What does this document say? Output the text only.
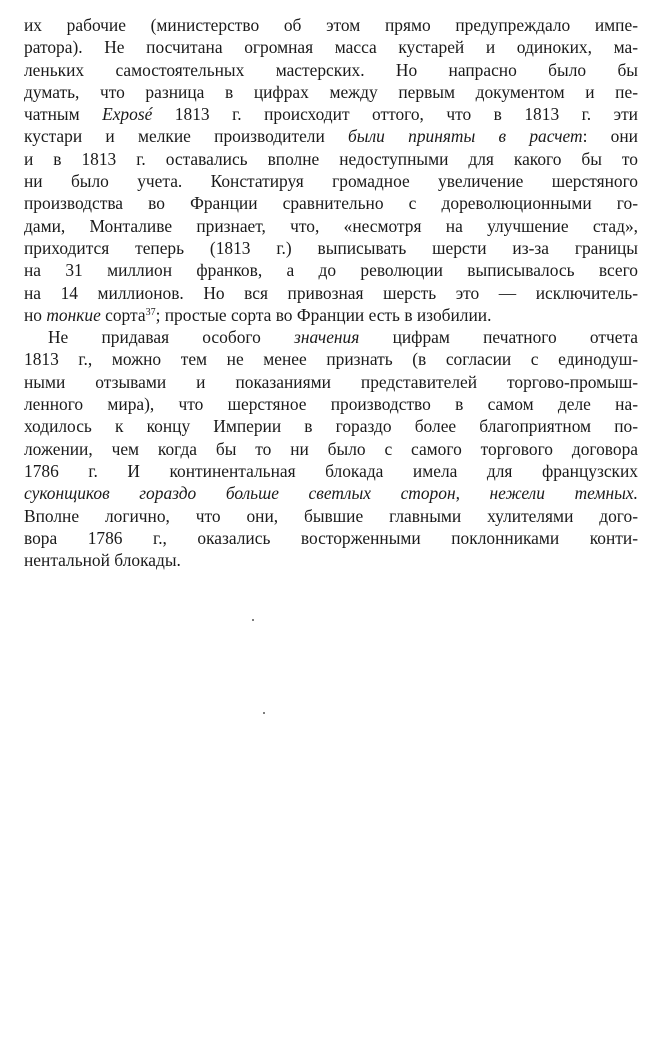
их рабочие (министерство об этом прямо предупреждало импе-
ратора). Не посчитана огромная масса кустарей и одиноких, ма-
леньких самостоятельных мастерских. Но напрасно было бы
думать, что разница в цифрах между первым документом и пе-
чатным Exposé 1813 г. происходит оттого, что в 1813 г. эти
кустари и мелкие производители были приняты в расчет: они
и в 1813 г. оставались вполне недоступными для какого бы то
ни было учета. Констатируя громадное увеличение шерстяного
производства во Франции сравнительно с дореволюционными го-
дами, Монталиве признает, что, «несмотря на улучшение стад»,
приходится теперь (1813 г.) выписывать шерсти из-за границы
на 31 миллион франков, а до революции выписывалось всего
на 14 миллионов. Но вся привозная шерсть это — исключитель-
но тонкие сорта$^{37}$; простые сорта во Франции есть в изобилии.
Не придавая особого значения цифрам печатного отчета
1813 г., можно тем не менее признать (в согласии с единодуш-
ными отзывами и показаниями представителей торгово-промыш-
ленного мира), что шерстяное производство в самом деле на-
ходилось к концу Империи в гораздо более благоприятном по-
ложении, чем когда бы то ни было с самого торгового договора
1786 г. И континентальная блокада имела для французских
суконщиков гораздо больше светлых сторон, нежели темных.
Вполне логично, что они, бывшие главными хулителями дого-
вора 1786 г., оказались восторженными поклонниками конти-
нентальной блокады.
